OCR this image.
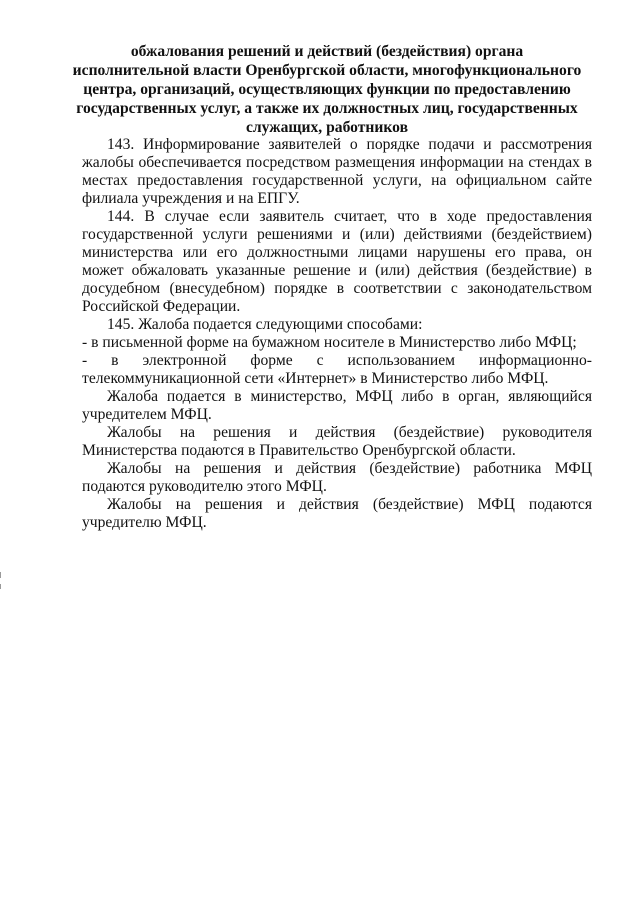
обжалования решений и действий (бездействия) органа исполнительной власти Оренбургской области, многофункционального центра, организаций, осуществляющих функции по предоставлению государственных услуг, а также их должностных лиц, государственных служащих, работников

143. Информирование заявителей о порядке подачи и рассмотрения жалобы обеспечивается посредством размещения информации на стендах в местах предоставления государственной услуги, на официальном сайте филиала учреждения и на ЕПГУ.

144. В случае если заявитель считает, что в ходе предоставления государственной услуги решениями и (или) действиями (бездействием) министерства или его должностными лицами нарушены его права, он может обжаловать указанные решение и (или) действия (бездействие) в досудебном (внесудебном) порядке в соответствии с законодательством Российской Федерации.

145. Жалоба подается следующими способами:

- в письменной форме на бумажном носителе в Министерство либо МФЦ;

- в электронной форме с использованием информационно-телекоммуникационной сети «Интернет» в Министерство либо МФЦ.

Жалоба подается в министерство, МФЦ либо в орган, являющийся учредителем МФЦ.

Жалобы на решения и действия (бездействие) руководителя Министерства подаются в Правительство Оренбургской области.

Жалобы на решения и действия (бездействие) работника МФЦ подаются руководителю этого МФЦ.

Жалобы на решения и действия (бездействие) МФЦ подаются учредителю МФЦ.
